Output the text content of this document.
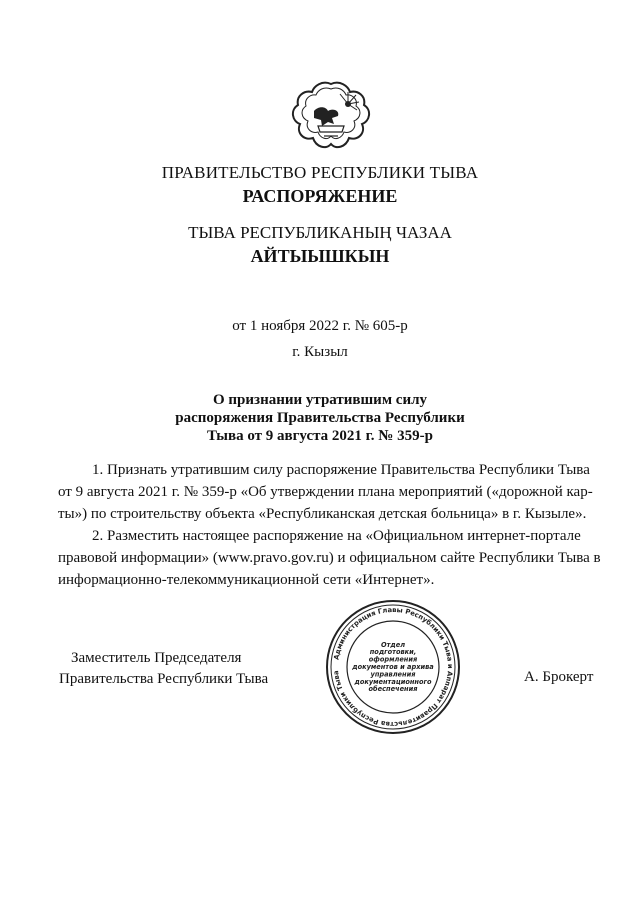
ПРАВИТЕЛЬСТВО РЕСПУБЛИКИ ТЫВА
РАСПОРЯЖЕНИЕ
ТЫВА РЕСПУБЛИКАНЫҢ ЧАЗАА
АЙТЫЫШКЫН
от 1 ноября 2022 г. № 605-р
г. Кызыл
О признании утратившим силу
распоряжения Правительства Республики
Тыва от 9 августа 2021 г. № 359-р
1. Признать утратившим силу распоряжение Правительства Республики Тыва
от 9 августа 2021 г. № 359-р «Об утверждении плана мероприятий («дорожной кар-
ты») по строительству объекта «Республиканская детская больница» в г. Кызыле».
2. Разместить настоящее распоряжение на «Официальном интернет-портале
правовой информации» (www.pravo.gov.ru) и официальном сайте Республики Тыва в
информационно-телекоммуникационной сети «Интернет».
Заместитель Председателя
Правительства Республики Тыва	А. Брокерт
Администрация Главы Республики Тыва и Аппарат Правительства Республики Тыва
Отдел
подготовки,
оформления
документов и архива
управления
документационного
обеспечения
